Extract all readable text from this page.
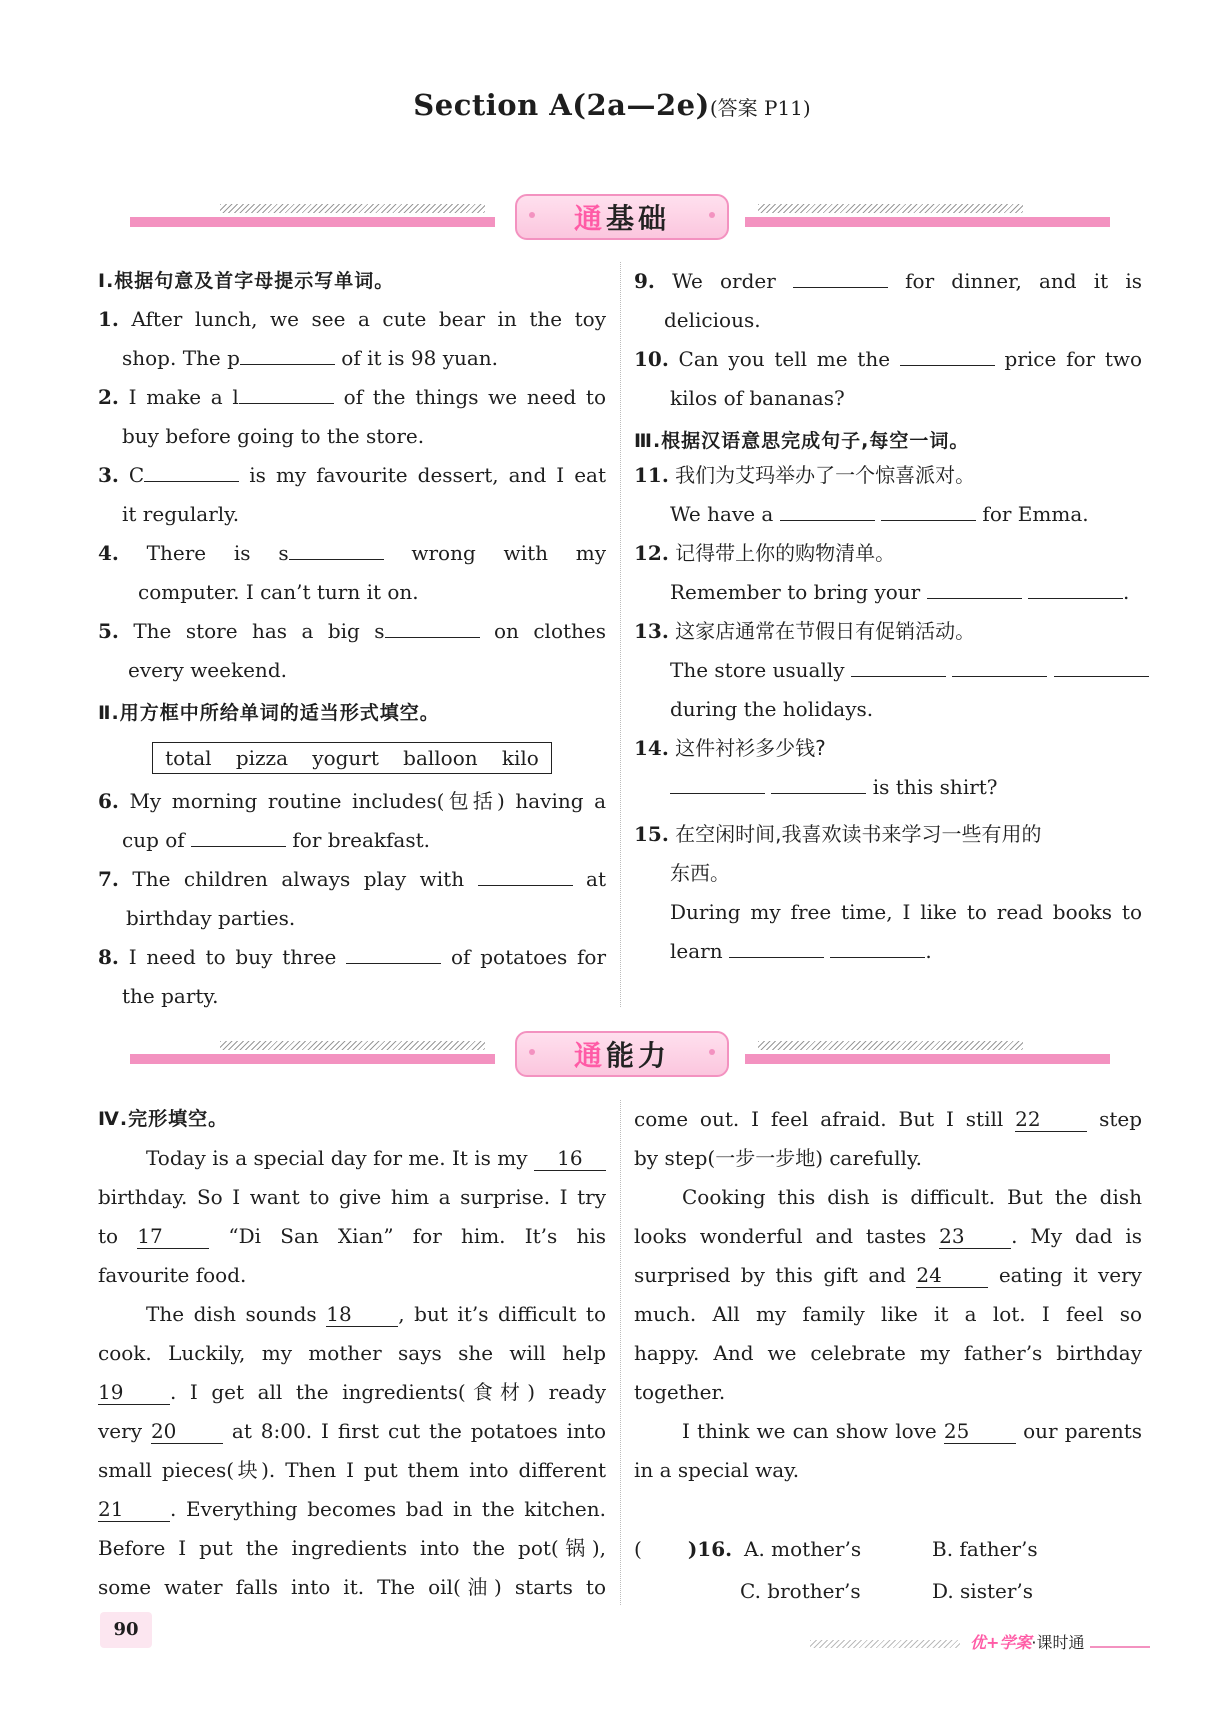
Section A(2a—2e)(答案 P11)
通 基础
Ⅰ.根据句意及首字母提示写单词。
1. After lunch, we see a cute bear in the toy
shop. The p	of it is 98 yuan.
2. I make a l	of the things we need to
buy before going to the store.
3. C	is my favourite dessert, and I eat
it regularly.
4. There is s	wrong with my
computer. I can’t turn it on.
5. The store has a big s	on clothes
every weekend.
Ⅱ.用方框中所给单词的适当形式填空。
total pizza yogurt balloon kilo
6. My morning routine includes(包括) having a
cup of	for breakfast.
7. The children always play with	at
birthday parties.
8. I need to buy three	of potatoes for
the party.
9. We order	for dinner, and it is
delicious.
10. Can you tell me the	price for two
kilos of bananas?
Ⅲ.根据汉语意思完成句子,每空一词。
11. 我们为艾玛举办了一个惊喜派对。
We have a	for Emma.
12. 记得带上你的购物清单。
Remember to bring your	.
13. 这家店通常在节假日有促销活动。
The store usually
during the holidays.
14. 这件衬衫多少钱?
is this shirt?
15. 在空闲时间,我喜欢读书来学习一些有用的
东西。
During my free time, I like to read books to
learn	.
通 能力
Ⅳ.完形填空。
Today is a special day for me. It is my 16
birthday. So I want to give him a surprise. I try
to 17	“Di San Xian” for him. It’s his
favourite food.
The dish sounds 18 , but it’s difficult to
cook. Luckily, my mother says she will help
19 . I get all the ingredients(食材) ready
very 20	at 8:00. I first cut the potatoes into
small pieces(块). Then I put them into different
21 . Everything becomes bad in the kitchen.
Before I put the ingredients into the pot(锅),
some water falls into it. The oil(油) starts to
come out. I feel afraid. But I still 22	step
by step(一步一步地) carefully.
Cooking this dish is difficult. But the dish
looks wonderful and tastes 23 . My dad is
surprised by this gift and 24	eating it very
much. All my family like it a lot. I feel so
happy. And we celebrate my father’s birthday
together.
I think we can show love 25	our parents
in a special way.
( )16. A. mother’s	B. father’s
C. brother’s	D. sister’s
90
优+学案·课时通
